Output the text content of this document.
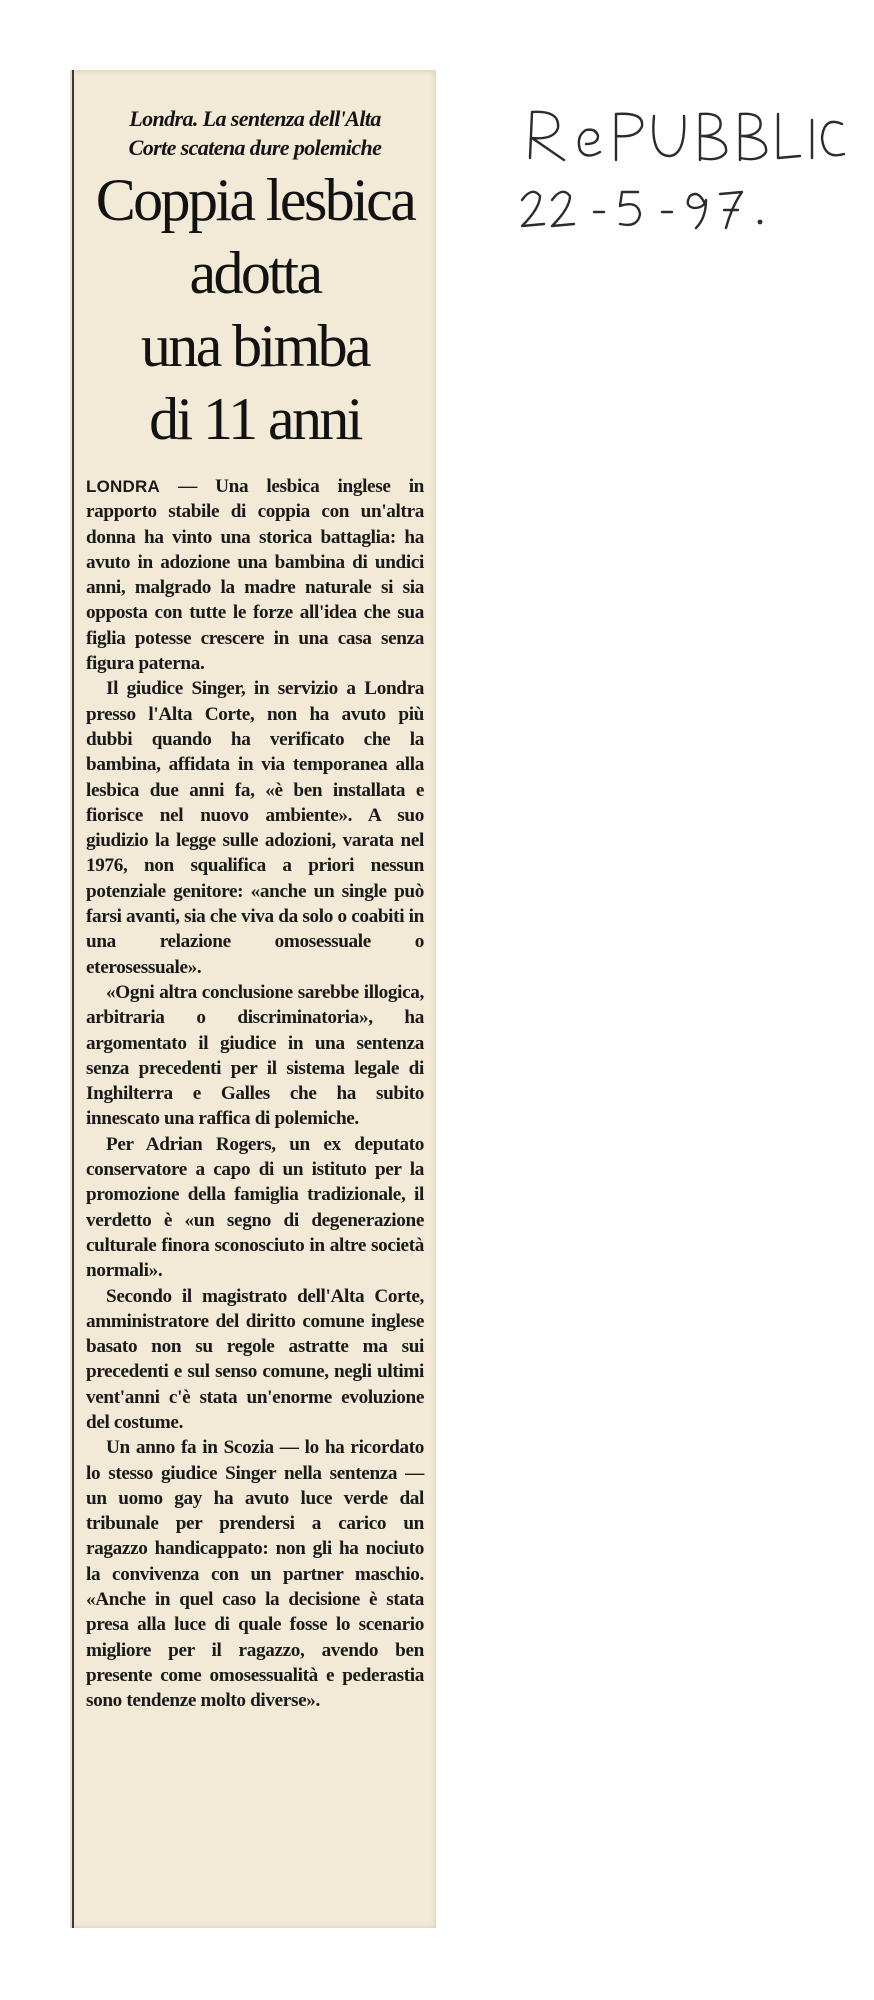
Londra. La sentenza dell'Alta
Corte scatena dure polemiche

Coppia lesbica
adotta
una bimba
di 11 anni

LONDRA — Una lesbica inglese in rapporto stabile di coppia con un'altra donna ha vinto una storica battaglia: ha avuto in adozione una bambina di undici anni, malgrado la madre naturale si sia opposta con tutte le forze all'idea che sua figlia potesse crescere in una casa senza figura paterna.

Il giudice Singer, in servizio a Londra presso l'Alta Corte, non ha avuto più dubbi quando ha verificato che la bambina, affidata in via temporanea alla lesbica due anni fa, «è ben installata e fiorisce nel nuovo ambiente». A suo giudizio la legge sulle adozioni, varata nel 1976, non squalifica a priori nessun potenziale genitore: «anche un single può farsi avanti, sia che viva da solo o coabiti in una relazione omosessuale o eterosessuale».

«Ogni altra conclusione sarebbe illogica, arbitraria o discriminatoria», ha argomentato il giudice in una sentenza senza precedenti per il sistema legale di Inghilterra e Galles che ha subito innescato una raffica di polemiche.

Per Adrian Rogers, un ex deputato conservatore a capo di un istituto per la promozione della famiglia tradizionale, il verdetto è «un segno di degenerazione culturale finora sconosciuto in altre società normali».

Secondo il magistrato dell'Alta Corte, amministratore del diritto comune inglese basato non su regole astratte ma sui precedenti e sul senso comune, negli ultimi vent'anni c'è stata un'enorme evoluzione del costume.

Un anno fa in Scozia — lo ha ricordato lo stesso giudice Singer nella sentenza — un uomo gay ha avuto luce verde dal tribunale per prendersi a carico un ragazzo handicappato: non gli ha nociuto la convivenza con un partner maschio. «Anche in quel caso la decisione è stata presa alla luce di quale fosse lo scenario migliore per il ragazzo, avendo ben presente come omosessualità e pederastia sono tendenze molto diverse».
